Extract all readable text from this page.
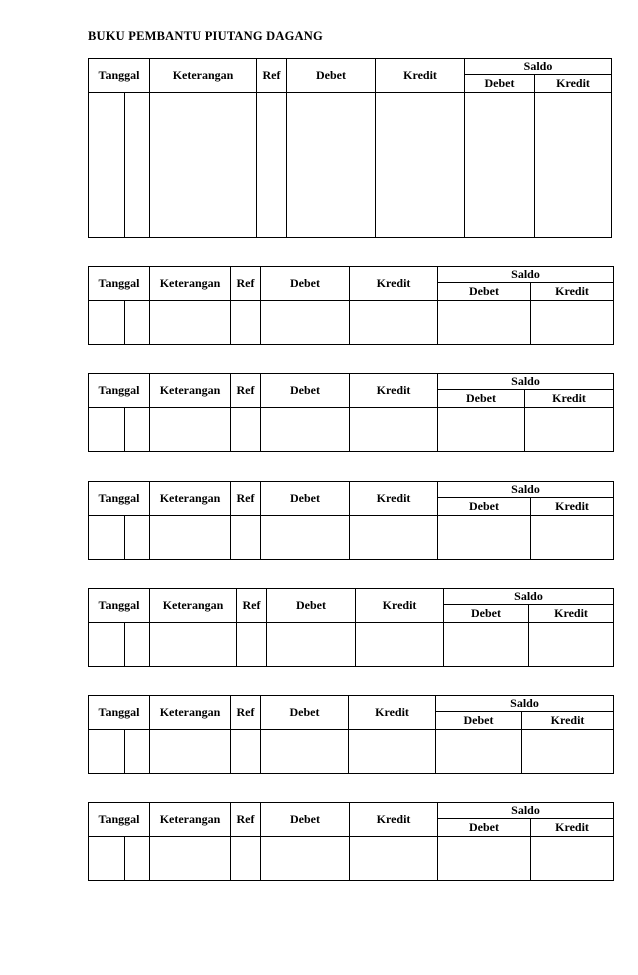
BUKU PEMBANTU PIUTANG DAGANG
Tanggal		Keterangan	Ref	Debet	Kredit	Saldo	
						Debet	Kredit

Tanggal		Keterangan	Ref	Debet	Kredit	Saldo	
						Debet	Kredit

Tanggal		Keterangan	Ref	Debet	Kredit	Saldo	
						Debet	Kredit

Tanggal		Keterangan	Ref	Debet	Kredit	Saldo	
						Debet	Kredit

Tanggal		Keterangan	Ref	Debet	Kredit	Saldo	
						Debet	Kredit

Tanggal		Keterangan	Ref	Debet	Kredit	Saldo	
						Debet	Kredit

Tanggal		Keterangan	Ref	Debet	Kredit	Saldo	
						Debet	Kredit
